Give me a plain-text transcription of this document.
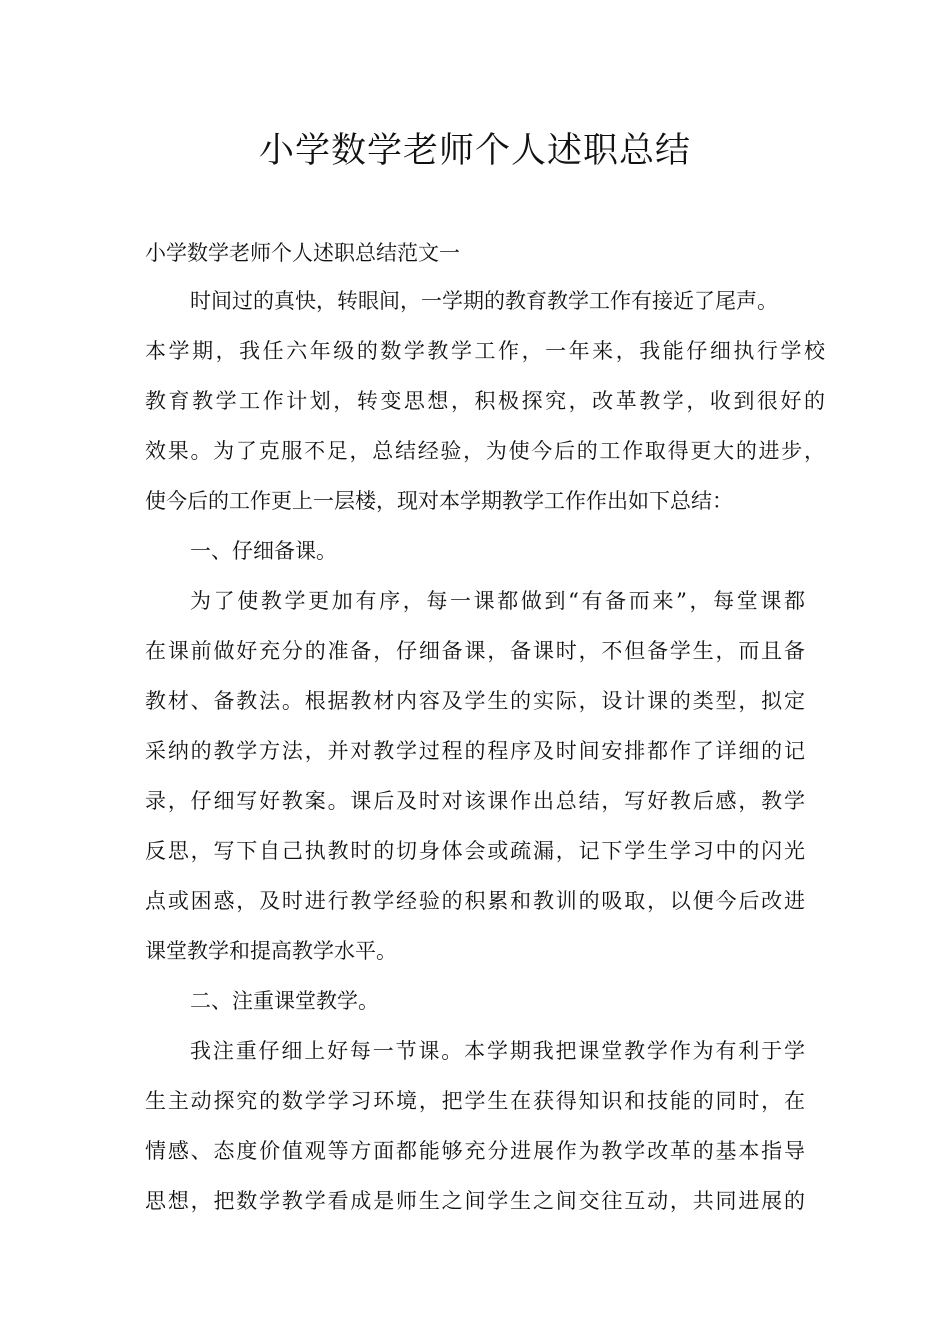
小学数学老师个人述职总结
小学数学老师个人述职总结范文一
时间过的真快，转眼间，一学期的教育教学工作有接近了尾声。
本学期，我任六年级的数学教学工作，一年来，我能仔细执行学校
教育教学工作计划，转变思想，积极探究，改革教学，收到很好的
效果。为了克服不足，总结经验，为使今后的工作取得更大的进步，
使今后的工作更上一层楼，现对本学期教学工作作出如下总结：
一、仔细备课。
为了使教学更加有序，每一课都做到“有备而来”，每堂课都
在课前做好充分的准备，仔细备课，备课时，不但备学生，而且备
教材、备教法。根据教材内容及学生的实际，设计课的类型，拟定
采纳的教学方法，并对教学过程的程序及时间安排都作了详细的记
录，仔细写好教案。课后及时对该课作出总结，写好教后感，教学
反思，写下自己执教时的切身体会或疏漏，记下学生学习中的闪光
点或困惑，及时进行教学经验的积累和教训的吸取，以便今后改进
课堂教学和提高教学水平。
二、注重课堂教学。
我注重仔细上好每一节课。本学期我把课堂教学作为有利于学
生主动探究的数学学习环境，把学生在获得知识和技能的同时，在
情感、态度价值观等方面都能够充分进展作为教学改革的基本指导
思想，把数学教学看成是师生之间学生之间交往互动，共同进展的
